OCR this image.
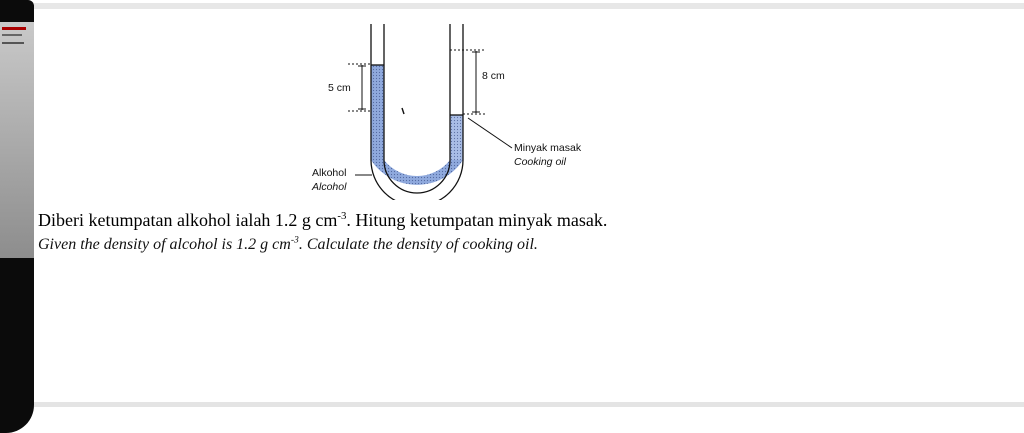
5 cm
8 cm
Minyak masak
Cooking oil
Alkohol
Alcohol
Diberi ketumpatan alkohol ialah 1.2 g $cm^{-3}$. Hitung ketumpatan minyak masak.
Given the density of alcohol is 1.2 g $cm^{-3}$. Calculate the density of cooking oil.
